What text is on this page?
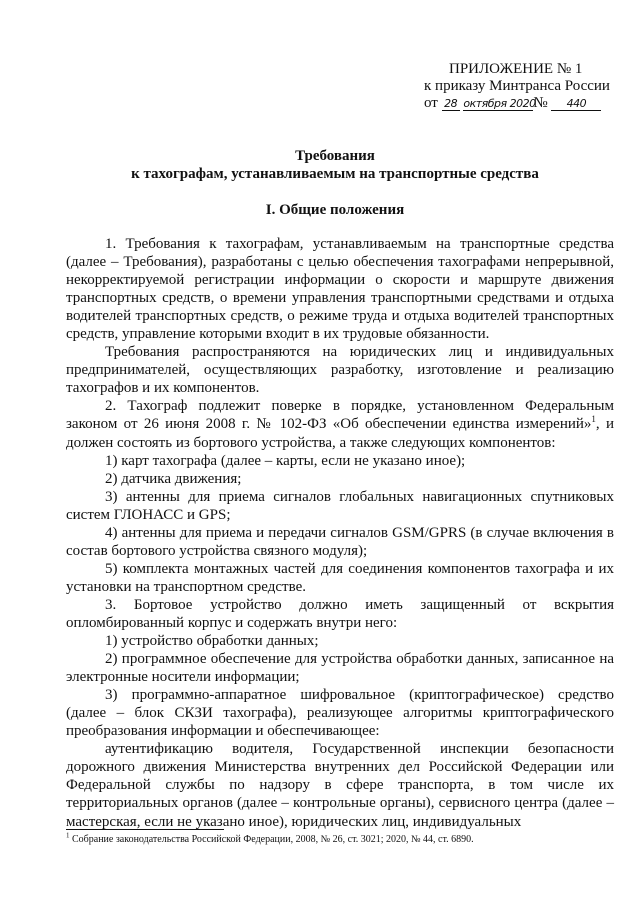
ПРИЛОЖЕНИЕ № 1
к приказу Минтранса России
от 28 октября 2020№ 440
Требования
к тахографам, устанавливаемым на транспортные средства
I. Общие положения

1. Требования к тахографам, устанавливаемым на транспортные средства (далее – Требования), разработаны с целью обеспечения тахографами непрерывной, некорректируемой регистрации информации о скорости и маршруте движения транспортных средств, о времени управления транспортными средствами и отдыха водителей транспортных средств, о режиме труда и отдыха водителей транспортных средств, управление которыми входит в их трудовые обязанности.

Требования распространяются на юридических лиц и индивидуальных предпринимателей, осуществляющих разработку, изготовление и реализацию тахографов и их компонентов.

2. Тахограф подлежит поверке в порядке, установленном Федеральным законом от 26 июня 2008 г. № 102-ФЗ «Об обеспечении единства измерений»$^1$, и должен состоять из бортового устройства, а также следующих компонентов:

1) карт тахографа (далее – карты, если не указано иное);

2) датчика движения;

3) антенны для приема сигналов глобальных навигационных спутниковых систем ГЛОНАСС и GPS;

4) антенны для приема и передачи сигналов GSM/GPRS (в случае включения в состав бортового устройства связного модуля);

5) комплекта монтажных частей для соединения компонентов тахографа и их установки на транспортном средстве.

3. Бортовое устройство должно иметь защищенный от вскрытия опломбированный корпус и содержать внутри него:

1) устройство обработки данных;

2) программное обеспечение для устройства обработки данных, записанное на электронные носители информации;

3) программно-аппаратное шифровальное (криптографическое) средство (далее – блок СКЗИ тахографа), реализующее алгоритмы криптографического преобразования информации и обеспечивающее:

аутентификацию водителя, Государственной инспекции безопасности дорожного движения Министерства внутренних дел Российской Федерации или Федеральной службы по надзору в сфере транспорта, в том числе их территориальных органов (далее – контрольные органы), сервисного центра (далее – мастерская, если не указано иное), юридических лиц, индивидуальных

$^1$ Собрание законодательства Российской Федерации, 2008, № 26, ст. 3021; 2020, № 44, ст. 6890.
